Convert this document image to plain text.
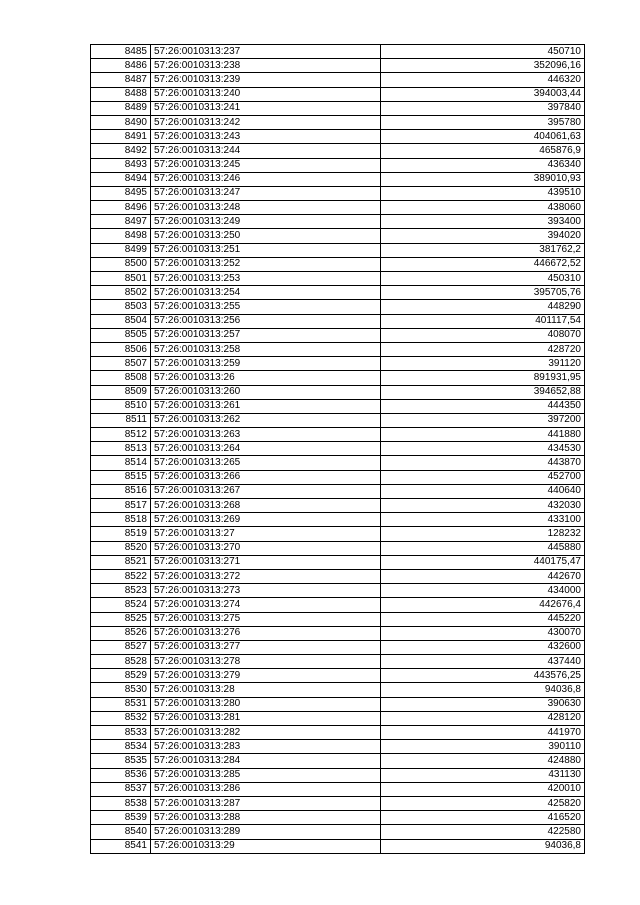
8485	57:26:0010313:237	450710
8486	57:26:0010313:238	352096,16
8487	57:26:0010313:239	446320
8488	57:26:0010313:240	394003,44
8489	57:26:0010313:241	397840
8490	57:26:0010313:242	395780
8491	57:26:0010313:243	404061,63
8492	57:26:0010313:244	465876,9
8493	57:26:0010313:245	436340
8494	57:26:0010313:246	389010,93
8495	57:26:0010313:247	439510
8496	57:26:0010313:248	438060
8497	57:26:0010313:249	393400
8498	57:26:0010313:250	394020
8499	57:26:0010313:251	381762,2
8500	57:26:0010313:252	446672,52
8501	57:26:0010313:253	450310
8502	57:26:0010313:254	395705,76
8503	57:26:0010313:255	448290
8504	57:26:0010313:256	401117,54
8505	57:26:0010313:257	408070
8506	57:26:0010313:258	428720
8507	57:26:0010313:259	391120
8508	57:26:0010313:26	891931,95
8509	57:26:0010313:260	394652,88
8510	57:26:0010313:261	444350
8511	57:26:0010313:262	397200
8512	57:26:0010313:263	441880
8513	57:26:0010313:264	434530
8514	57:26:0010313:265	443870
8515	57:26:0010313:266	452700
8516	57:26:0010313:267	440640
8517	57:26:0010313:268	432030
8518	57:26:0010313:269	433100
8519	57:26:0010313:27	128232
8520	57:26:0010313:270	445880
8521	57:26:0010313:271	440175,47
8522	57:26:0010313:272	442670
8523	57:26:0010313:273	434000
8524	57:26:0010313:274	442676,4
8525	57:26:0010313:275	445220
8526	57:26:0010313:276	430070
8527	57:26:0010313:277	432600
8528	57:26:0010313:278	437440
8529	57:26:0010313:279	443576,25
8530	57:26:0010313:28	94036,8
8531	57:26:0010313:280	390630
8532	57:26:0010313:281	428120
8533	57:26:0010313:282	441970
8534	57:26:0010313:283	390110
8535	57:26:0010313:284	424880
8536	57:26:0010313:285	431130
8537	57:26:0010313:286	420010
8538	57:26:0010313:287	425820
8539	57:26:0010313:288	416520
8540	57:26:0010313:289	422580
8541	57:26:0010313:29	94036,8
